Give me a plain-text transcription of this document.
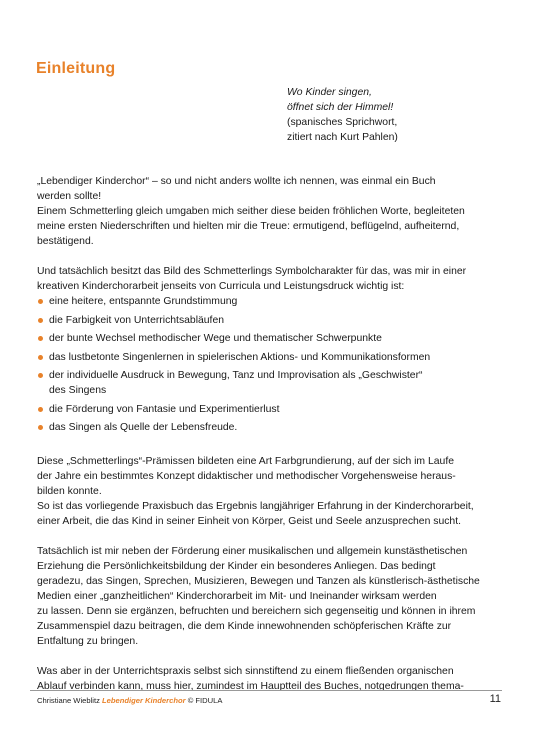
Einleitung
Wo Kinder singen,
öffnet sich der Himmel!
(spanisches Sprichwort,
zitiert nach Kurt Pahlen)

„Lebendiger Kinderchor“ – so und nicht anders wollte ich nennen, was einmal ein Buch

werden sollte!

Einem Schmetterling gleich umgaben mich seither diese beiden fröhlichen Worte, begleiteten

meine ersten Niederschriften und hielten mir die Treue: ermutigend, beflügelnd, aufheiternd,

bestätigend.

Und tatsächlich besitzt das Bild des Schmetterlings Symbolcharakter für das, was mir in einer

kreativen Kinderchorarbeit jenseits von Curricula und Leistungsdruck wichtig ist:

eine heitere, entspannte Grundstimmung
die Farbigkeit von Unterrichtsabläufen
der bunte Wechsel methodischer Wege und thematischer Schwerpunkte
das lustbetonte Singenlernen in spielerischen Aktions- und Kommunikationsformen
der individuelle Ausdruck in Bewegung, Tanz und Improvisation als „Geschwister“
des Singens
die Förderung von Fantasie und Experimentierlust
das Singen als Quelle der Lebensfreude.

Diese „Schmetterlings“-Prämissen bildeten eine Art Farbgrundierung, auf der sich im Laufe

der Jahre ein bestimmtes Konzept didaktischer und methodischer Vorgehensweise heraus-

bilden konnte.

So ist das vorliegende Praxisbuch das Ergebnis langjähriger Erfahrung in der Kinderchorarbeit,

einer Arbeit, die das Kind in seiner Einheit von Körper, Geist und Seele anzusprechen sucht.

Tatsächlich ist mir neben der Förderung einer musikalischen und allgemein kunstästhetischen

Erziehung die Persönlichkeitsbildung der Kinder ein besonderes Anliegen. Das bedingt

geradezu, das Singen, Sprechen, Musizieren, Bewegen und Tanzen als künstlerisch-ästhetische

Medien einer „ganzheitlichen“ Kinderchorarbeit im Mit- und Ineinander wirksam werden

zu lassen. Denn sie ergänzen, befruchten und bereichern sich gegenseitig und können in ihrem

Zusammenspiel dazu beitragen, die dem Kinde innewohnenden schöpferischen Kräfte zur

Entfaltung zu bringen.

Was aber in der Unterrichtspraxis selbst sich sinnstiftend zu einem fließenden organischen

Ablauf verbinden kann, muss hier, zumindest im Hauptteil des Buches, notgedrungen thema-

Christiane Wieblitz Lebendiger Kinderchor © FIDULA	11
